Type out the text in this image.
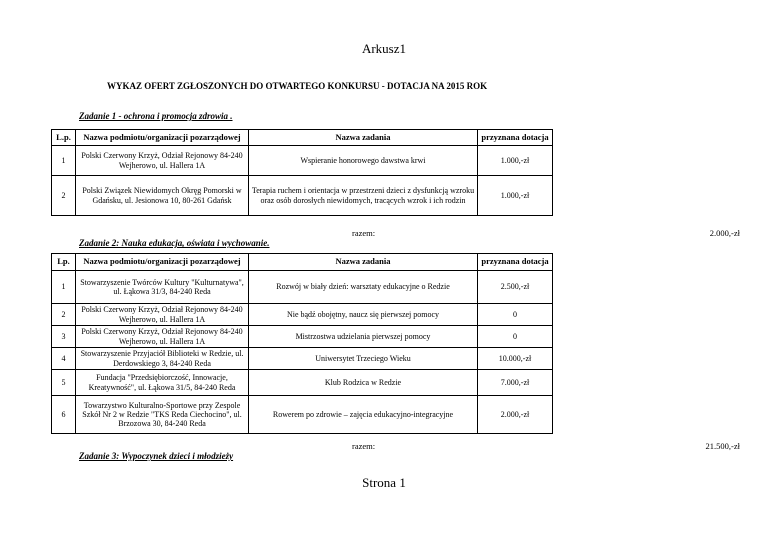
Arkusz1
WYKAZ OFERT ZGŁOSZONYCH DO OTWARTEGO KONKURSU - DOTACJA NA 2015 ROK
Zadanie 1 - ochrona i promocja zdrowia .
L.p.	Nazwa podmiotu/organizacji pozarządowej	Nazwa zadania	przyznana dotacja
1	Polski Czerwony Krzyż, Odział Rejonowy 84-240 Wejherowo, ul. Hallera 1A	Wspieranie honorowego dawstwa krwi	1.000,-zł
2	Polski Związek Niewidomych Okręg Pomorski w Gdańsku, ul. Jesionowa 10, 80-261 Gdańsk	Terapia ruchem i orientacja w przestrzeni dzieci z dysfunkcją wzroku oraz osób dorosłych niewidomych, tracących wzrok i ich rodzin	1.000,-zł
razem:	2.000,-zł
Zadanie 2: Nauka edukacja, oświata i wychowanie.
Lp.	Nazwa podmiotu/organizacji pozarządowej	Nazwa zadania	przyznana dotacja
1	Stowarzyszenie Twórców Kultury "Kulturnatywa", ul. Łąkowa 31/3, 84-240 Reda	Rozwój w biały dzień: warsztaty edukacyjne o Redzie	2.500,-zł
2	Polski Czerwony Krzyż, Odział Rejonowy 84-240 Wejherowo, ul. Hallera 1A	Nie bądź obojętny, naucz się pierwszej pomocy	0
3	Polski Czerwony Krzyż, Odział Rejonowy 84-240 Wejherowo, ul. Hallera 1A	Mistrzostwa udzielania pierwszej pomocy	0
4	Stowarzyszenie Przyjaciół Biblioteki w Redzie, ul. Derdowskiego 3, 84-240 Reda	Uniwersytet Trzeciego Wieku	10.000,-zł
5	Fundacja "Przedsiębiorczość, Innowacje, Kreatywność", ul. Łąkowa 31/5, 84-240 Reda	Klub Rodzica w Redzie	7.000,-zł
6	Towarzystwo Kulturalno-Sportowe przy Zespole Szkół Nr 2 w Redzie "TKS Reda Ciechocino", ul. Brzozowa 30, 84-240 Reda	Rowerem po zdrowie – zajęcia edukacyjno-integracyjne	2.000,-zł
razem:	21.500,-zł
Zadanie 3: Wypoczynek dzieci i młodzieży
Strona 1
